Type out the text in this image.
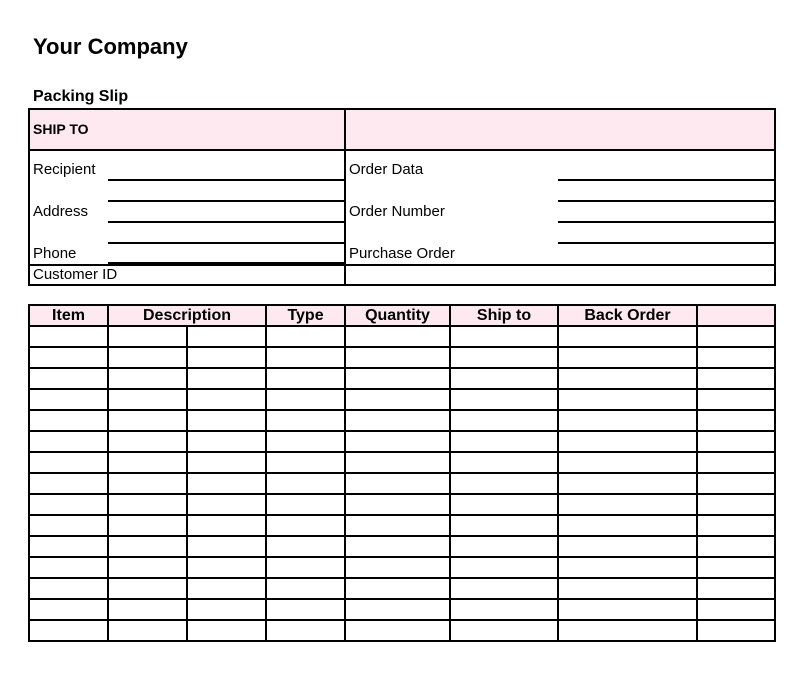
Your Company
Packing Slip
SHIP TO
Recipient
Address
Phone
Customer ID
Order Data
Order Number
Purchase Order
Item	Description		Type	Quantity	Ship to	Back Order	
